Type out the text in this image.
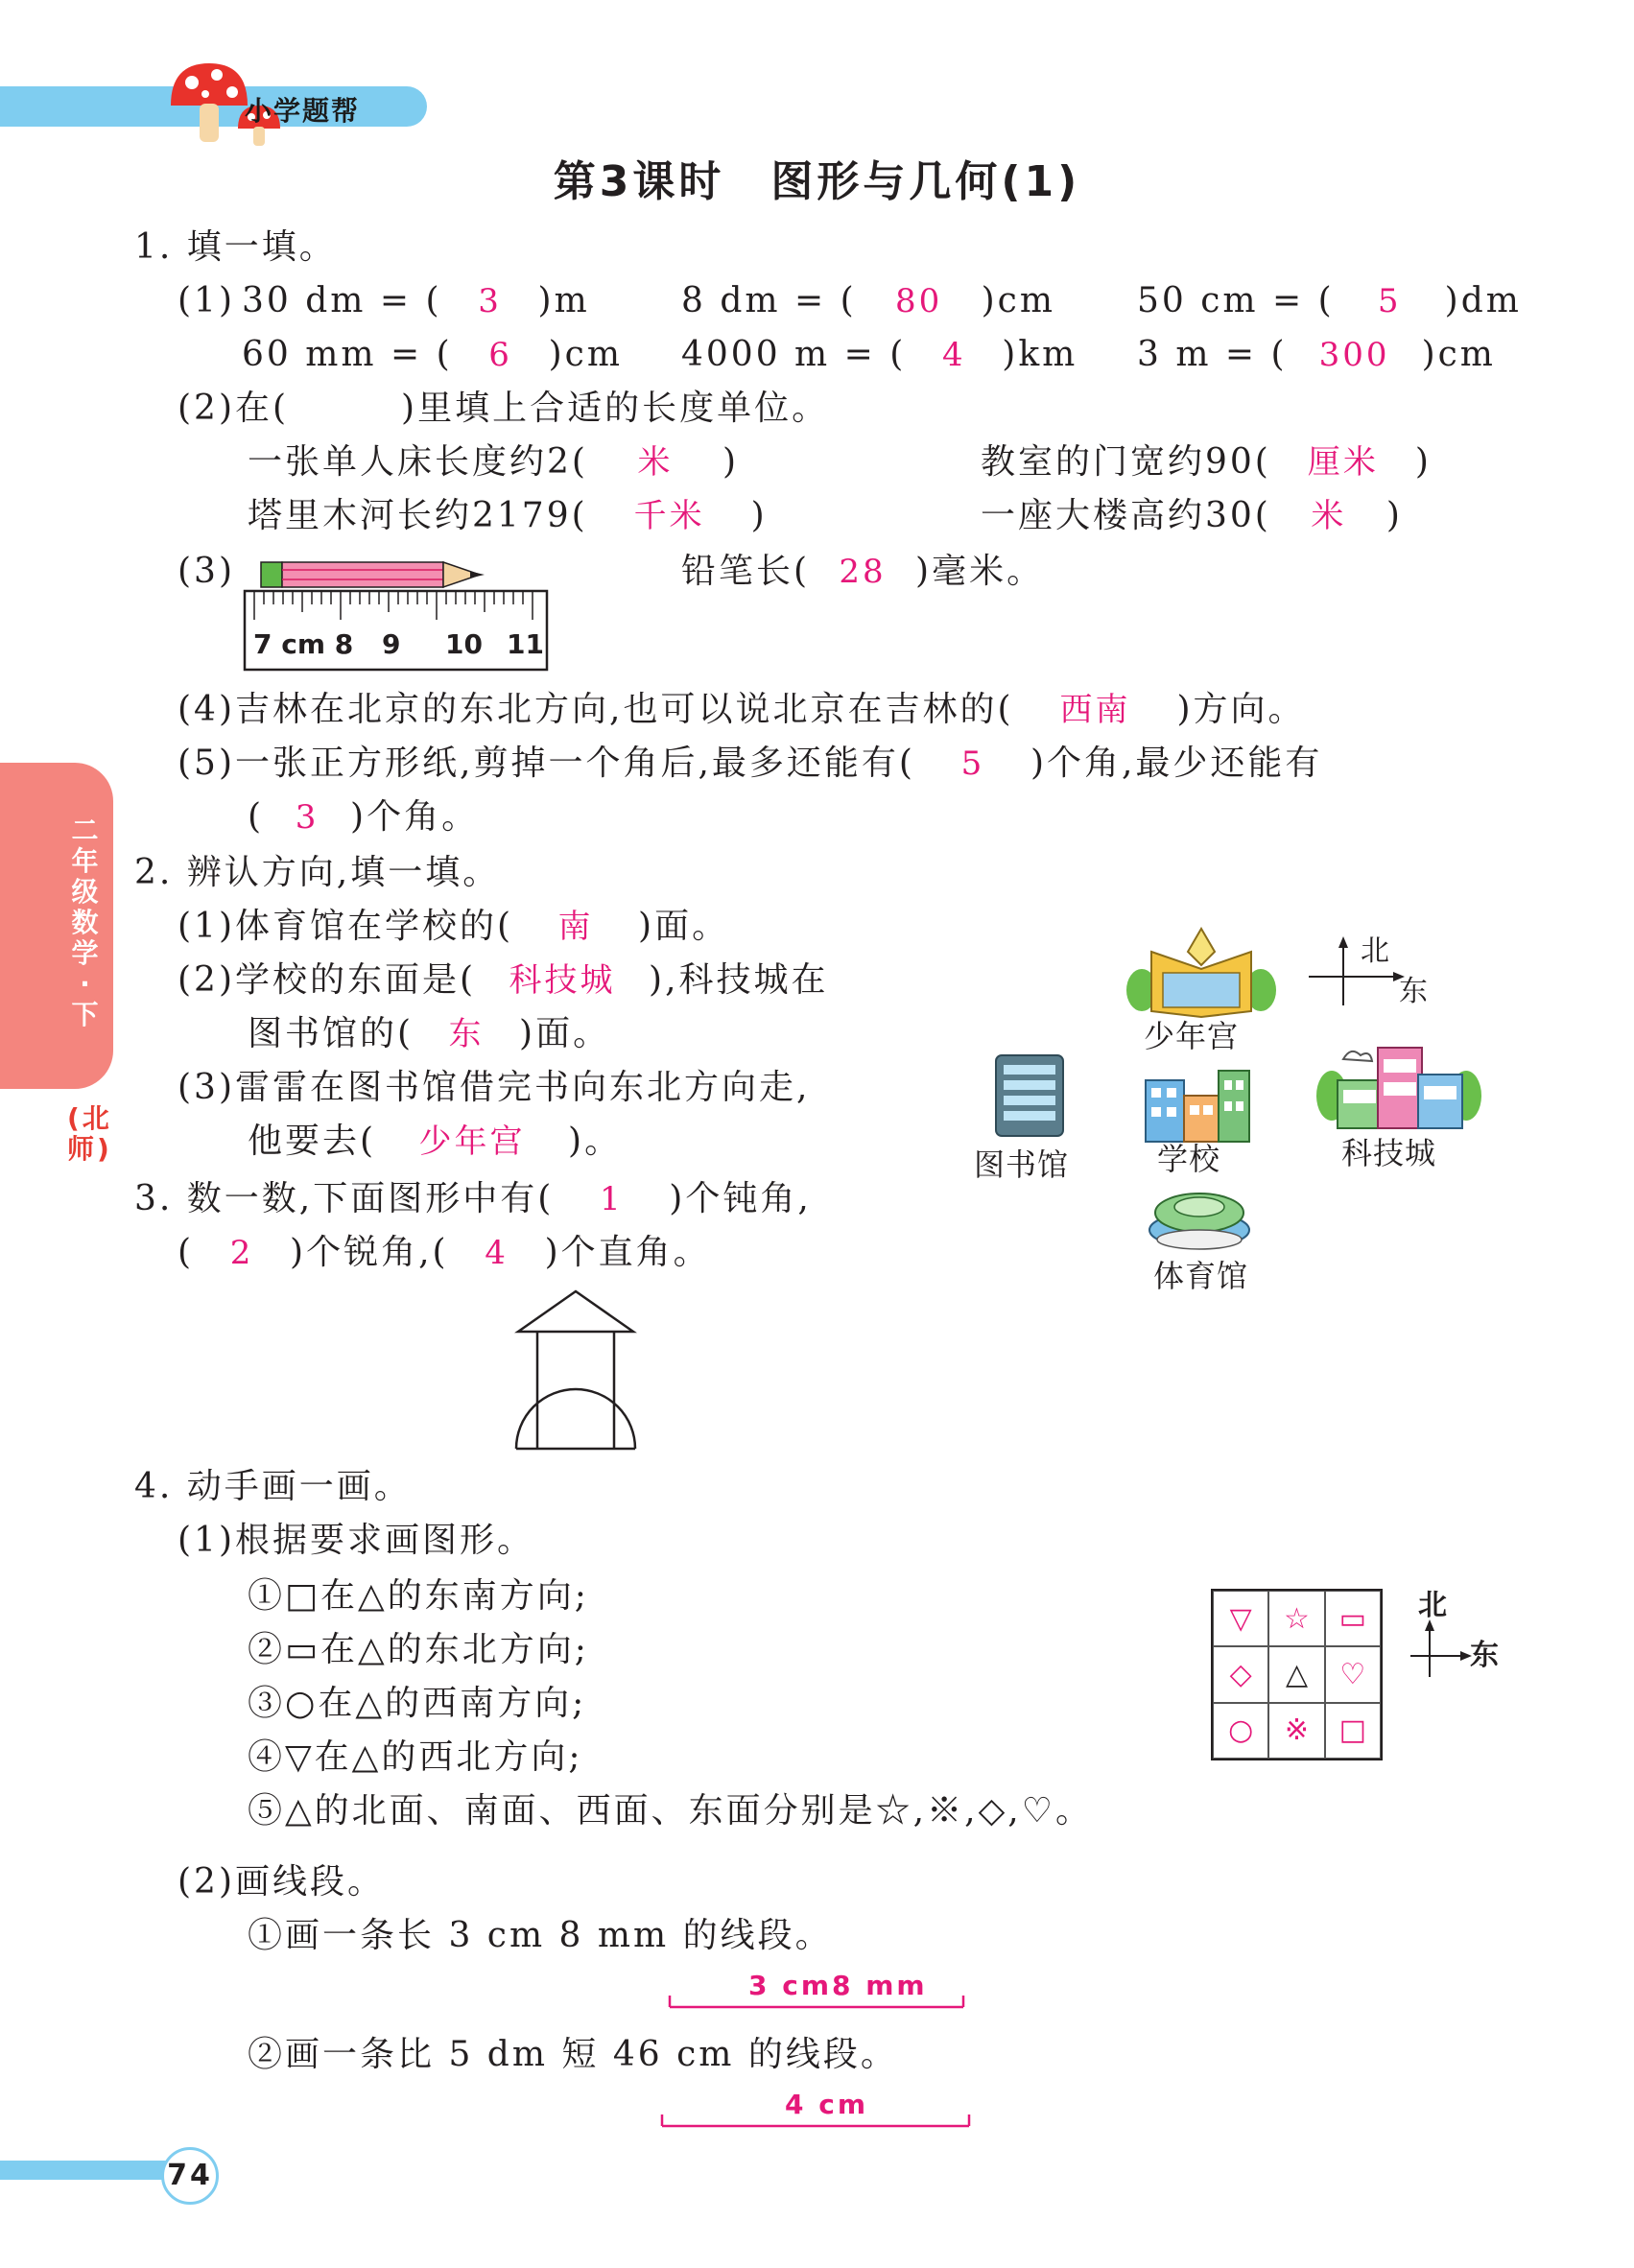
小学题帮
第3课时　图形与几何(1)
二年级数学·下
(北师)
1. 填一填。
(1) 30 dm = ( 3 )m	8 dm = ( 80 )cm 50 cm = ( 5 )dm
60 mm = ( 6 )cm 4000 m = ( 4 )km 3 m = ( 300 )cm
(2)在(　　　)里填上合适的长度单位。
一张单人床长度约2( 米 )	教室的门宽约90( 厘米 )
塔里木河长约2179( 千米 )	一座大楼高约30( 米 )
(3)
7 cm 8 9 10 11
铅笔长( 28 )毫米。
(4)吉林在北京的东北方向,也可以说北京在吉林的( 西南 )方向。
(5)一张正方形纸,剪掉一个角后,最多还能有( 5 )个角,最少还能有
( 3 )个角。
2. 辨认方向,填一填。
(1)体育馆在学校的( 南 )面。
(2)学校的东面是( 科技城 ),科技城在
图书馆的( 东 )面。
(3)雷雷在图书馆借完书向东北方向走,
他要去( 少年宫 )。
少年宫
北
东
图书馆	学校	科技城
体育馆
3. 数一数,下面图形中有( 1 )个钝角,
( 2 )个锐角,( 4 )个直角。
4. 动手画一画。
(1)根据要求画图形。
①□在△的东南方向;
②▭在△的东北方向;
③○在△的西南方向;
④▽在△的西北方向;
⑤△的北面、南面、西面、东面分别是☆,※,◇,♡。
▽	☆	▭
◇	△	♡
○	※	□
北
东
(2)画线段。
①画一条长 3 cm 8 mm 的线段。
3 cm8 mm
②画一条比 5 dm 短 46 cm 的线段。
4 cm
74
